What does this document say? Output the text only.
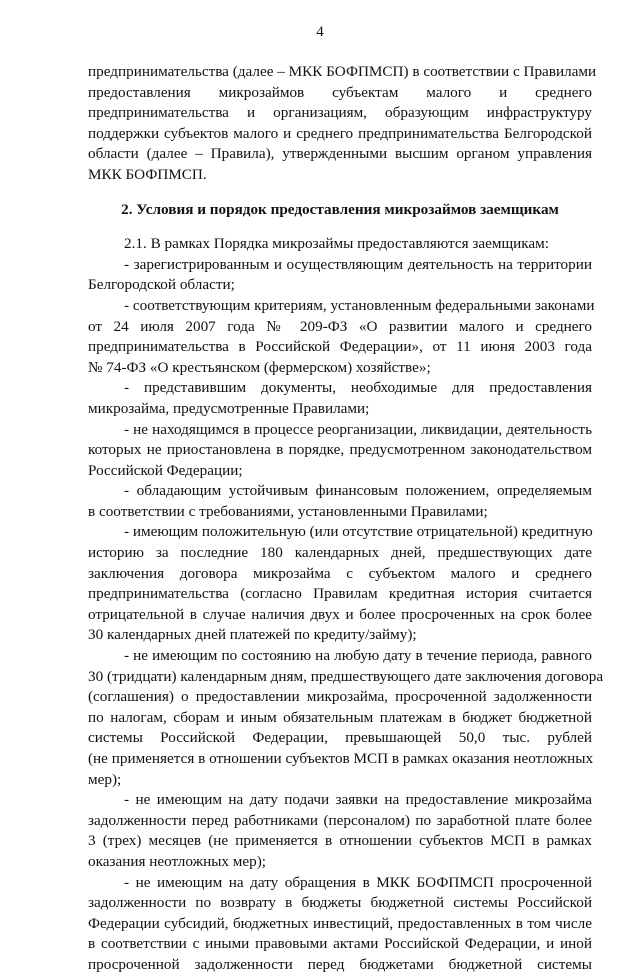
4
предпринимательства (далее – МКК БОФПМСП) в соответствии с Правилами
предоставления микрозаймов субъектам малого и среднего
предпринимательства и организациям, образующим инфраструктуру
поддержки субъектов малого и среднего предпринимательства Белгородской
области (далее – Правила), утвержденными высшим органом управления
МКК БОФПМСП.
2. Условия и порядок предоставления микрозаймов заемщикам
2.1. В рамках Порядка микрозаймы предоставляются заемщикам:
- зарегистрированным и осуществляющим деятельность на территории
Белгородской области;
- соответствующим критериям, установленным федеральными законами
от 24 июля 2007 года № 209-ФЗ «О развитии малого и среднего
предпринимательства в Российской Федерации», от 11 июня 2003 года
№ 74-ФЗ «О крестьянском (фермерском) хозяйстве»;
- представившим документы, необходимые для предоставления
микрозайма, предусмотренные Правилами;
- не находящимся в процессе реорганизации, ликвидации, деятельность
которых не приостановлена в порядке, предусмотренном законодательством
Российской Федерации;
- обладающим устойчивым финансовым положением, определяемым
в соответствии с требованиями, установленными Правилами;
- имеющим положительную (или отсутствие отрицательной) кредитную
историю за последние 180 календарных дней, предшествующих дате
заключения договора микрозайма с субъектом малого и среднего
предпринимательства (согласно Правилам кредитная история считается
отрицательной в случае наличия двух и более просроченных на срок более
30 календарных дней платежей по кредиту/займу);
- не имеющим по состоянию на любую дату в течение периода, равного
30 (тридцати) календарным дням, предшествующего дате заключения договора
(соглашения) о предоставлении микрозайма, просроченной задолженности
по налогам, сборам и иным обязательным платежам в бюджет бюджетной
системы Российской Федерации, превышающей 50,0 тыс. рублей
(не применяется в отношении субъектов МСП в рамках оказания неотложных
мер);
- не имеющим на дату подачи заявки на предоставление микрозайма
задолженности перед работниками (персоналом) по заработной плате более
3 (трех) месяцев (не применяется в отношении субъектов МСП в рамках
оказания неотложных мер);
- не имеющим на дату обращения в МКК БОФПМСП просроченной
задолженности по возврату в бюджеты бюджетной системы Российской
Федерации субсидий, бюджетных инвестиций, предоставленных в том числе
в соответствии с иными правовыми актами Российской Федерации, и иной
просроченной задолженности перед бюджетами бюджетной системы
